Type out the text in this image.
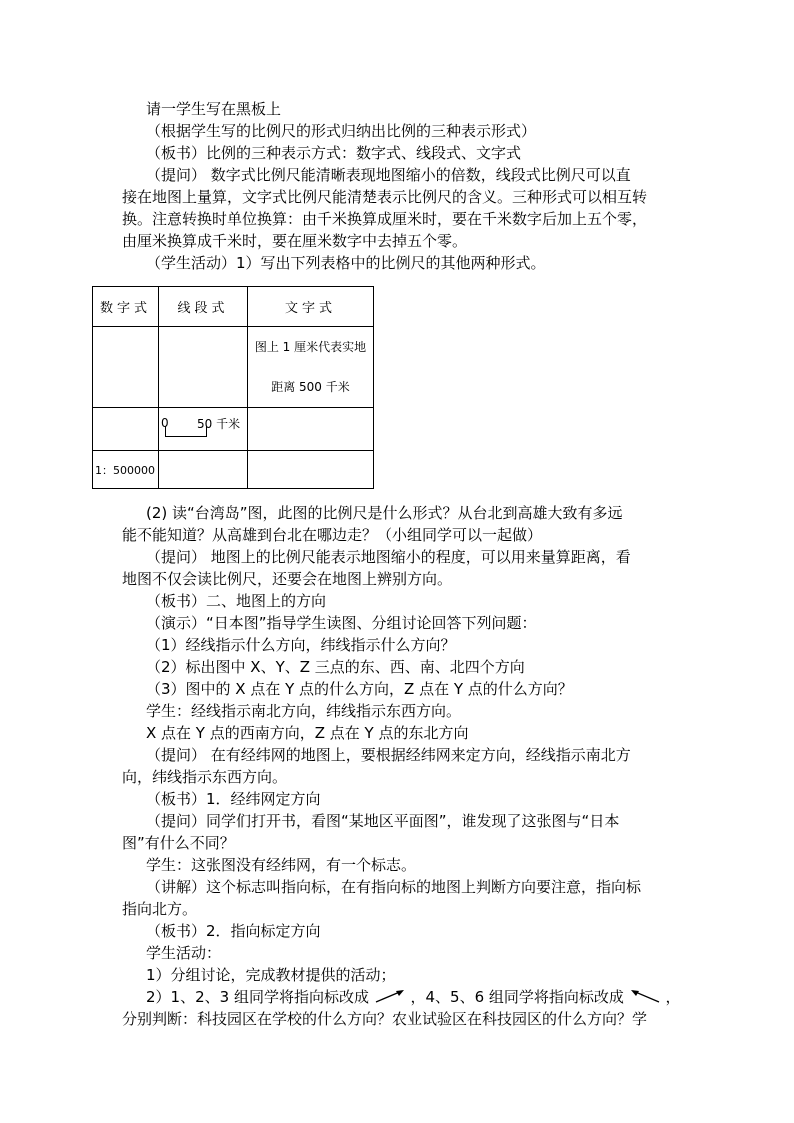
请一学生写在黑板上
（根据学生写的比例尺的形式归纳出比例的三种表示形式）
（板书）比例的三种表示方式：数字式、线段式、文字式
（提问） 数字式比例尺能清晰表现地图缩小的倍数，线段式比例尺可以直
接在地图上量算，文字式比例尺能清楚表示比例尺的含义。三种形式可以相互转
换。注意转换时单位换算：由千米换算成厘米时，要在千米数字后加上五个零，
由厘米换算成千米时，要在厘米数字中去掉五个零。
（学生活动）1）写出下列表格中的比例尺的其他两种形式。
数字式	线段式	文字式

		图上 1 厘米代表实地
距离 500 千米

	0 50 千米	

1：500000		
(2) 读“台湾岛”图，此图的比例尺是什么形式？从台北到高雄大致有多远
能不能知道？从高雄到台北在哪边走？（小组同学可以一起做）
（提问） 地图上的比例尺能表示地图缩小的程度，可以用来量算距离，看
地图不仅会读比例尺，还要会在地图上辨别方向。
（板书）二、地图上的方向
（演示）“日本图”指导学生读图、分组讨论回答下列问题：
（1）经线指示什么方向，纬线指示什么方向？
（2）标出图中 X、Y、Z 三点的东、西、南、北四个方向
（3）图中的 X 点在 Y 点的什么方向，Z 点在 Y 点的什么方向？
学生：经线指示南北方向，纬线指示东西方向。
X 点在 Y 点的西南方向，Z 点在 Y 点的东北方向
（提问） 在有经纬网的地图上，要根据经纬网来定方向，经线指示南北方
向，纬线指示东西方向。
（板书）1．经纬网定方向
（提问）同学们打开书，看图“某地区平面图”，谁发现了这张图与“日本
图”有什么不同？
学生：这张图没有经纬网，有一个标志。
（讲解）这个标志叫指向标，在有指向标的地图上判断方向要注意，指向标
指向北方。
（板书）2．指向标定方向
学生活动：
1）分组讨论，完成教材提供的活动；
2）1、2、3 组同学将指向标改成	，4、5、6 组同学将指向标改成	，
分别判断：科技园区在学校的什么方向？农业试验区在科技园区的什么方向？学
